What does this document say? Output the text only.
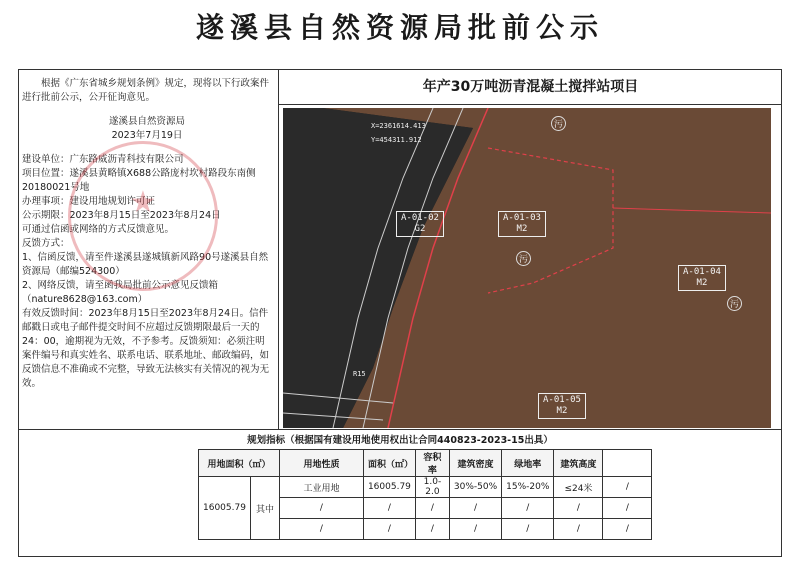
遂溪县自然资源局批前公示

根据《广东省城乡规划条例》规定，现将以下行政案件进行批前公示，公开征询意见。

★

遂溪县自然资源局

2023年7月19日

建设单位：广东路威沥青科技有限公司

项目位置：遂溪县黄略镇X688公路庞村坎村路段东南侧20180021号地

办理事项：建设用地规划许可证

公示期限：2023年8月15日至2023年8月24日

可通过信函或网络的方式反馈意见。

反馈方式：

1、信函反馈，请至件遂溪县遂城镇新风路90号遂溪县自然资源局（邮编524300）

2、网络反馈，请至函我局批前公示意见反馈箱（nature8628@163.com）

有效反馈时间：2023年8月15日至2023年8月24日。信件邮戳日或电子邮件提交时间不应超过反馈期限最后一天的24：00，逾期视为无效，不予参考。反馈须知：必须注明案件编号和真实姓名、联系电话、联系地址、邮政编码，如反馈信息不准确或不完整，导致无法核实有关情况的视为无效。

年产30万吨沥青混凝土搅拌站项目
X=2361614.413
Y=454311.912
R15
A-01-02
G2
A-01-03
M2
A-01-04
M2
A-01-05
M2
污
污
污
规划指标（根据国有建设用地使用权出让合同440823-2023-15出具）
用地面积（㎡）		用地性质	面积（㎡）	容积率	建筑密度	绿地率	建筑高度	
16005.79	其中	工业用地	16005.79	1.0-2.0	30%-50%	15%-20%	≤24米	/
		/	/	/	/	/	/	/
		/	/	/	/	/	/	/
